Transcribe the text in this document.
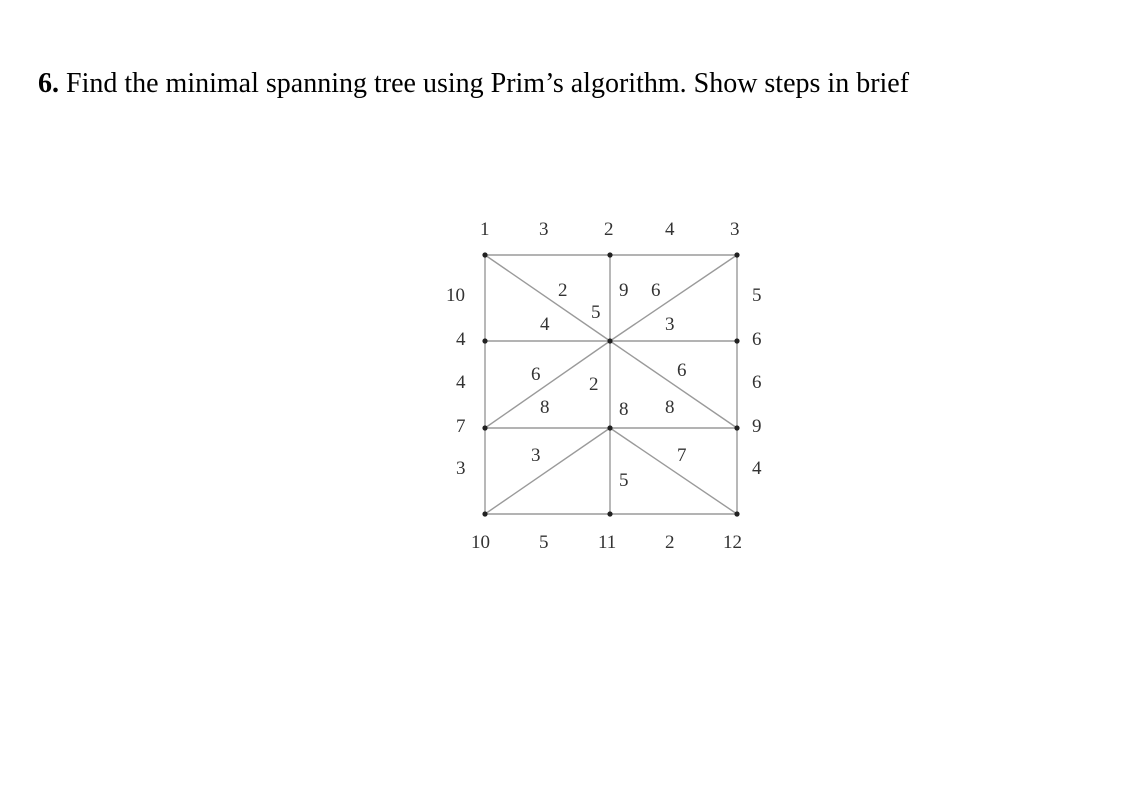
6. Find the minimal spanning tree using Prim’s algorithm. Show steps in brief
1	3	2	4	3
10
4
4
7
3
5
6
6
9
4
10	5	11	2	12
2
4
5
9 6
3
6	2
6
8	8 8
3	7
5
